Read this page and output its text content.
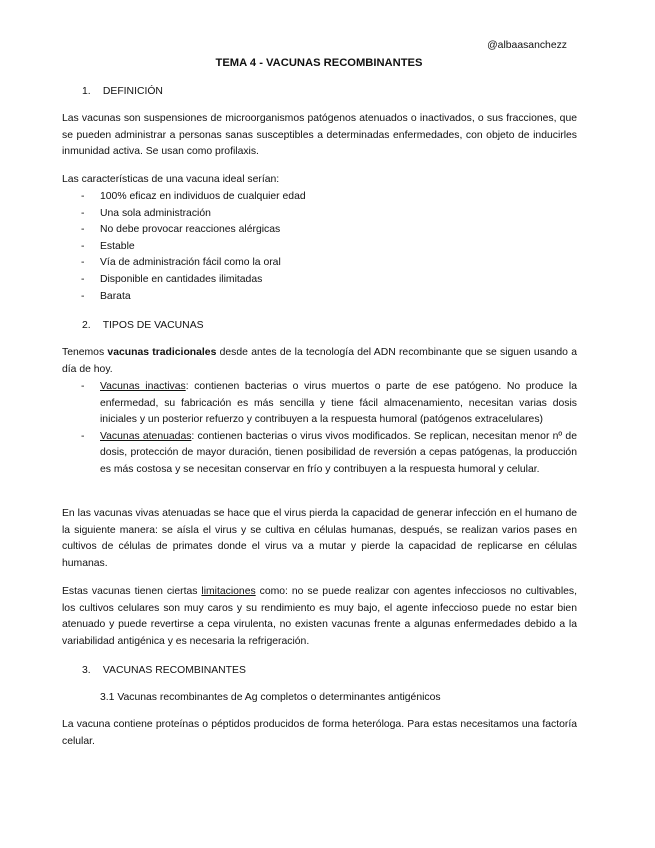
@albaasanchezz
TEMA 4 - VACUNAS RECOMBINANTES
1. DEFINICIÓN
Las vacunas son suspensiones de microorganismos patógenos atenuados o inactivados, o sus fracciones, que se pueden administrar a personas sanas susceptibles a determinadas enfermedades, con objeto de inducirles inmunidad activa. Se usan como profilaxis.
Las características de una vacuna ideal serían:
- 100% eficaz en individuos de cualquier edad
- Una sola administración
- No debe provocar reacciones alérgicas
- Estable
- Vía de administración fácil como la oral
- Disponible en cantidades ilimitadas
- Barata
2. TIPOS DE VACUNAS
Tenemos vacunas tradicionales desde antes de la tecnología del ADN recombinante que se siguen usando a día de hoy.
- Vacunas inactivas: contienen bacterias o virus muertos o parte de ese patógeno. No produce la enfermedad, su fabricación es más sencilla y tiene fácil almacenamiento, necesitan varias dosis iniciales y un posterior refuerzo y contribuyen a la respuesta humoral (patógenos extracelulares)
- Vacunas atenuadas: contienen bacterias o virus vivos modificados. Se replican, necesitan menor nº de dosis, protección de mayor duración, tienen posibilidad de reversión a cepas patógenas, la producción es más costosa y se necesitan conservar en frío y contribuyen a la respuesta humoral y celular.
En las vacunas vivas atenuadas se hace que el virus pierda la capacidad de generar infección en el humano de la siguiente manera: se aísla el virus y se cultiva en células humanas, después, se realizan varios pases en cultivos de células de primates donde el virus va a mutar y pierde la capacidad de replicarse en células humanas.
Estas vacunas tienen ciertas limitaciones como: no se puede realizar con agentes infecciosos no cultivables, los cultivos celulares son muy caros y su rendimiento es muy bajo, el agente infeccioso puede no estar bien atenuado y puede revertirse a cepa virulenta, no existen vacunas frente a algunas enfermedades debido a la variabilidad antigénica y es necesaria la refrigeración.
3. VACUNAS RECOMBINANTES
3.1 Vacunas recombinantes de Ag completos o determinantes antigénicos
La vacuna contiene proteínas o péptidos producidos de forma heteróloga. Para estas necesitamos una factoría celular.
